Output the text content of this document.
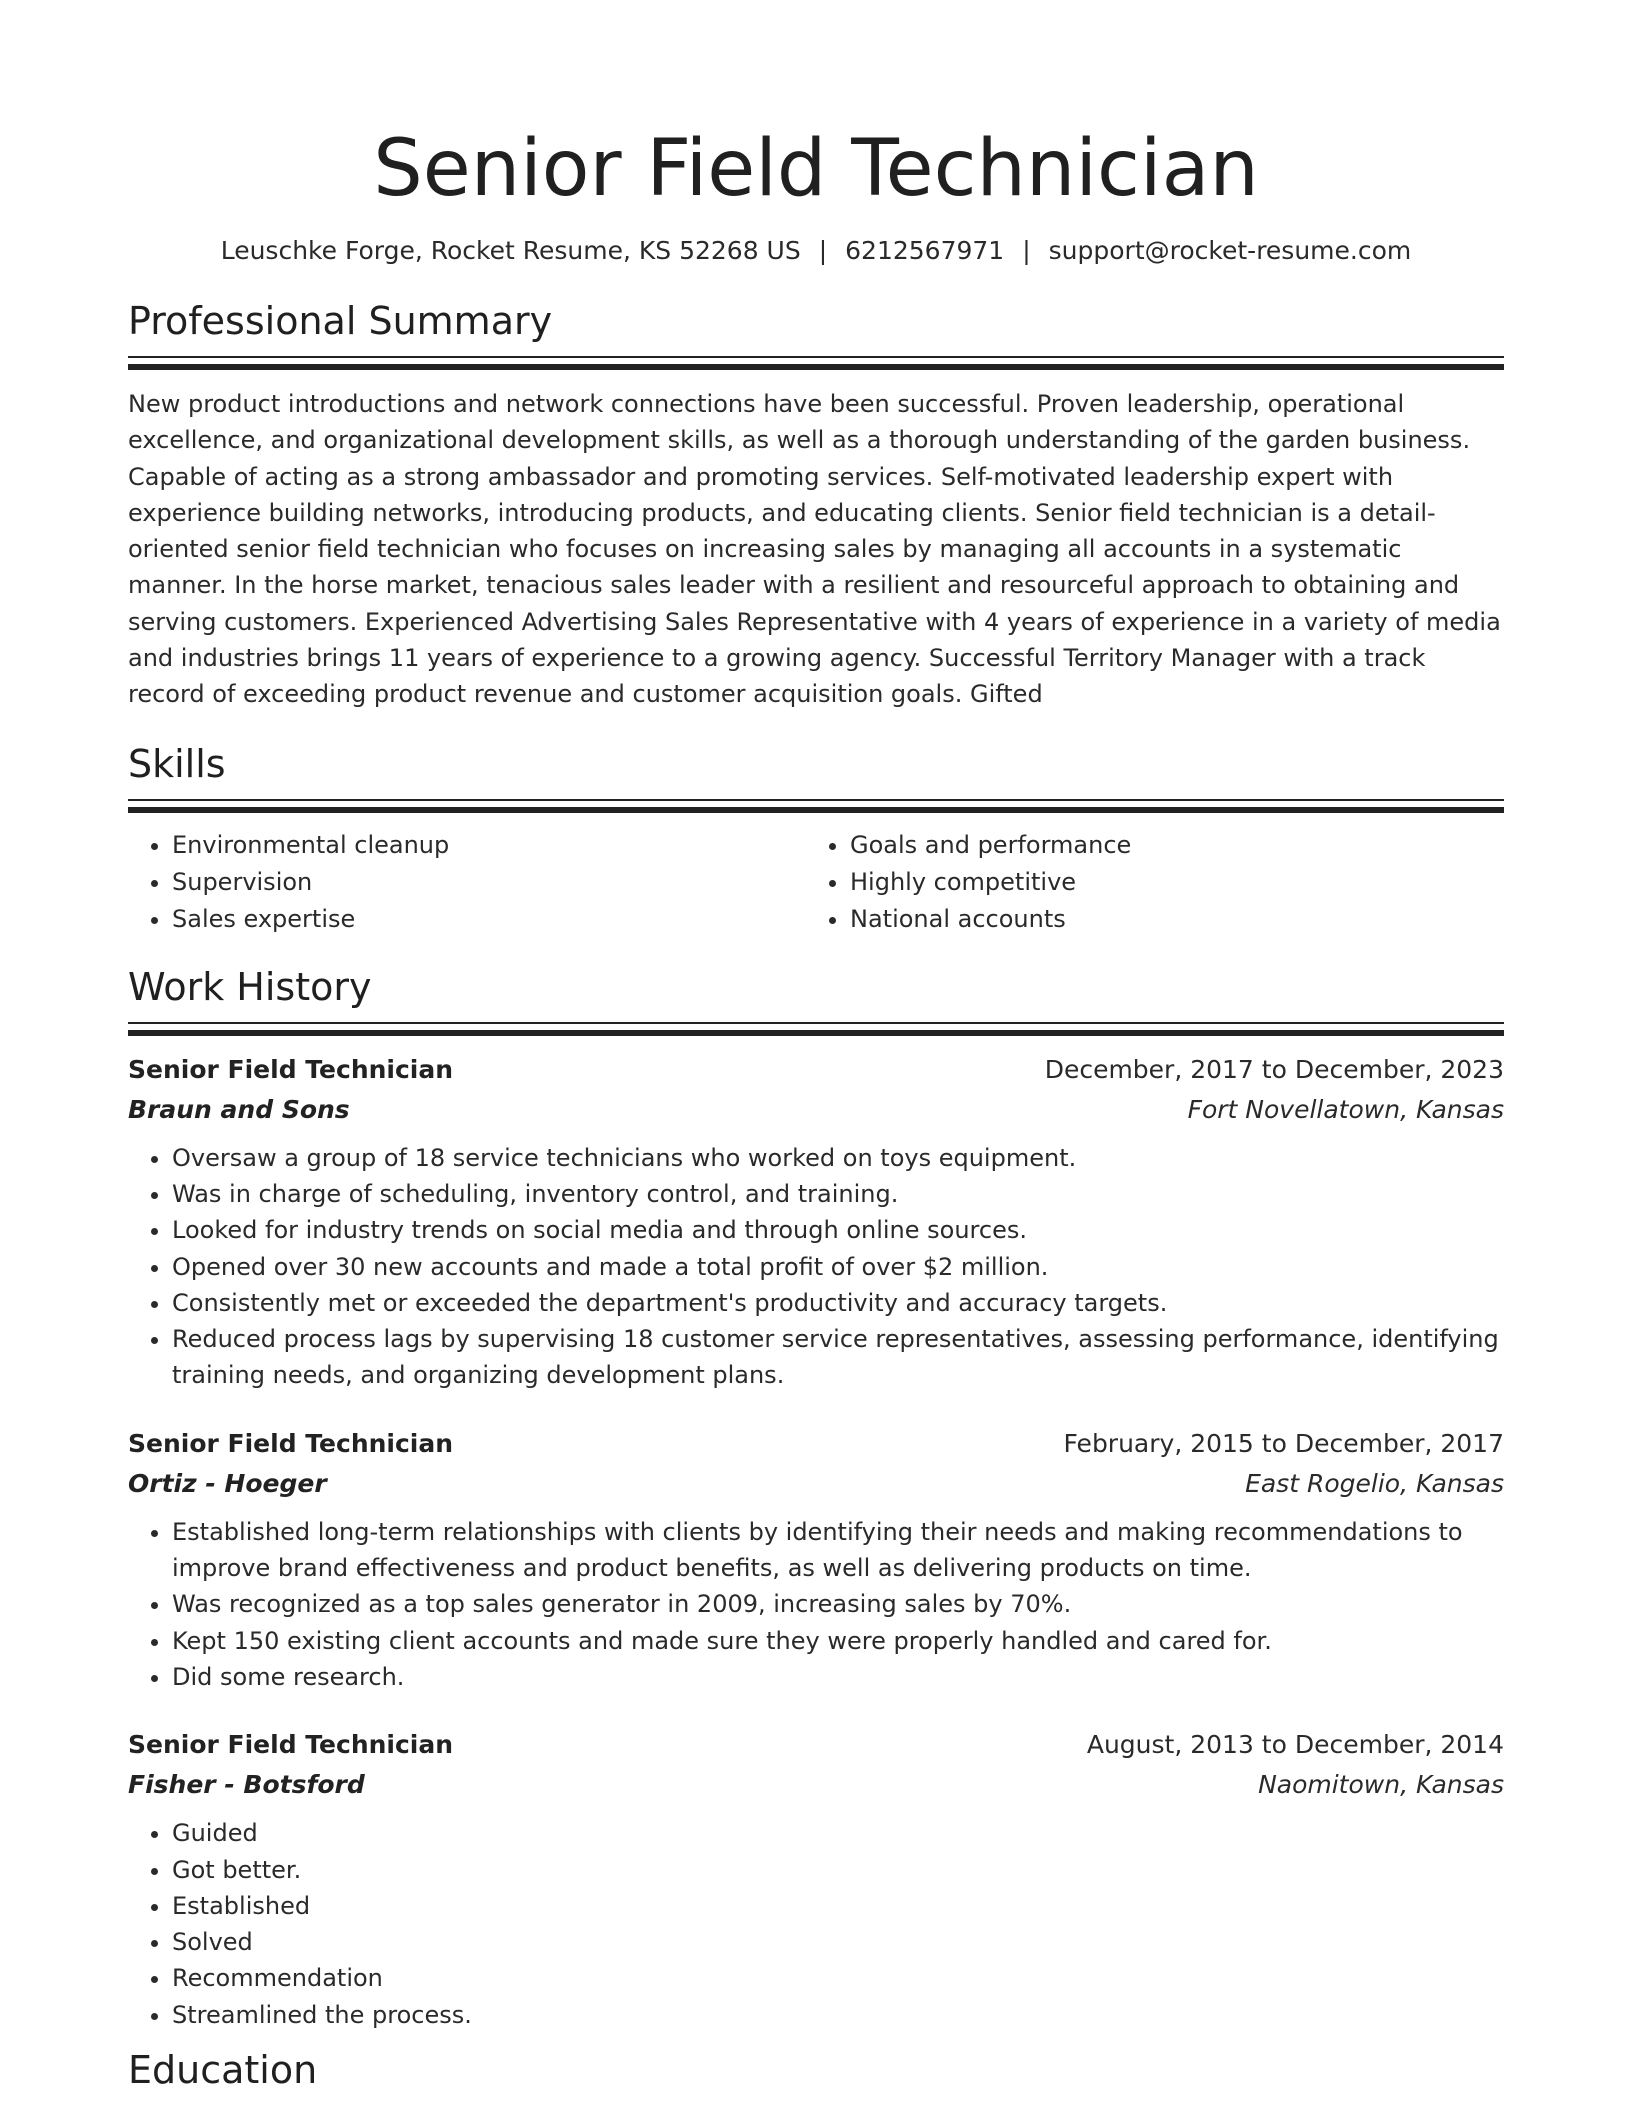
Senior Field Technician
Leuschke Forge, Rocket Resume, KS 52268 US | 6212567971 | support@rocket-resume.com
Professional Summary
New product introductions and network connections have been successful. Proven leadership, operational excellence, and organizational development skills, as well as a thorough understanding of the garden business. Capable of acting as a strong ambassador and promoting services. Self-motivated leadership expert with experience building networks, introducing products, and educating clients. Senior field technician is a detail-oriented senior field technician who focuses on increasing sales by managing all accounts in a systematic manner. In the horse market, tenacious sales leader with a resilient and resourceful approach to obtaining and serving customers. Experienced Advertising Sales Representative with 4 years of experience in a variety of media and industries brings 11 years of experience to a growing agency. Successful Territory Manager with a track record of exceeding product revenue and customer acquisition goals. Gifted
Skills
• Environmental cleanup
• Supervision
• Sales expertise
• Goals and performance
• Highly competitive
• National accounts
Work History
Senior Field Technician	December, 2017 to December, 2023
Braun and Sons	Fort Novellatown, Kansas
• Oversaw a group of 18 service technicians who worked on toys equipment.
• Was in charge of scheduling, inventory control, and training.
• Looked for industry trends on social media and through online sources.
• Opened over 30 new accounts and made a total profit of over $2 million.
• Consistently met or exceeded the department's productivity and accuracy targets.
• Reduced process lags by supervising 18 customer service representatives, assessing performance, identifying training needs, and organizing development plans.
Senior Field Technician	February, 2015 to December, 2017
Ortiz - Hoeger	East Rogelio, Kansas
• Established long-term relationships with clients by identifying their needs and making recommendations to improve brand effectiveness and product benefits, as well as delivering products on time.
• Was recognized as a top sales generator in 2009, increasing sales by 70%.
• Kept 150 existing client accounts and made sure they were properly handled and cared for.
• Did some research.
Senior Field Technician	August, 2013 to December, 2014
Fisher - Botsford	Naomitown, Kansas
• Guided
• Got better.
• Established
• Solved
• Recommendation
• Streamlined the process.
Education
